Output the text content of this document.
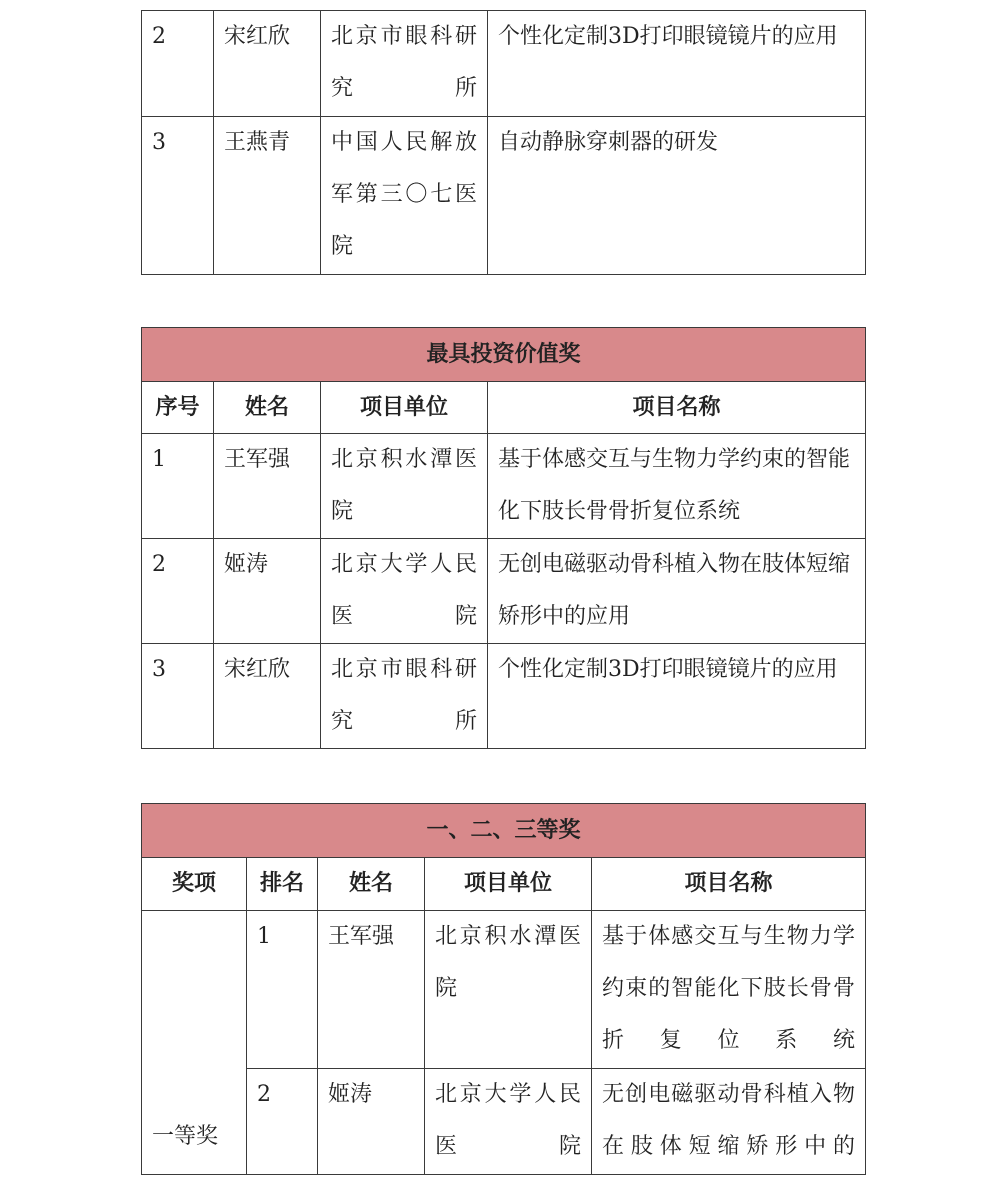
2	宋红欣	北京市眼科研究所	个性化定制3D打印眼镜镜片的应用
3	王燕青	中国人民解放军第三〇七医院	自动静脉穿刺器的研发
最具投资价值奖			
序号	姓名	项目单位	项目名称
1	王军强	北京积水潭医院	基于体感交互与生物力学约束的智能化下肢长骨骨折复位系统
2	姬涛	北京大学人民医院	无创电磁驱动骨科植入物在肢体短缩矫形中的应用
3	宋红欣	北京市眼科研究所	个性化定制3D打印眼镜镜片的应用
一、二、三等奖				
奖项	排名	姓名	项目单位	项目名称
一等奖	1	王军强	北京积水潭医院	基于体感交互与生物力学约束的智能化下肢长骨骨折复位系统
	2	姬涛	北京大学人民医院	无创电磁驱动骨科植入物在肢体短缩矫形中的
